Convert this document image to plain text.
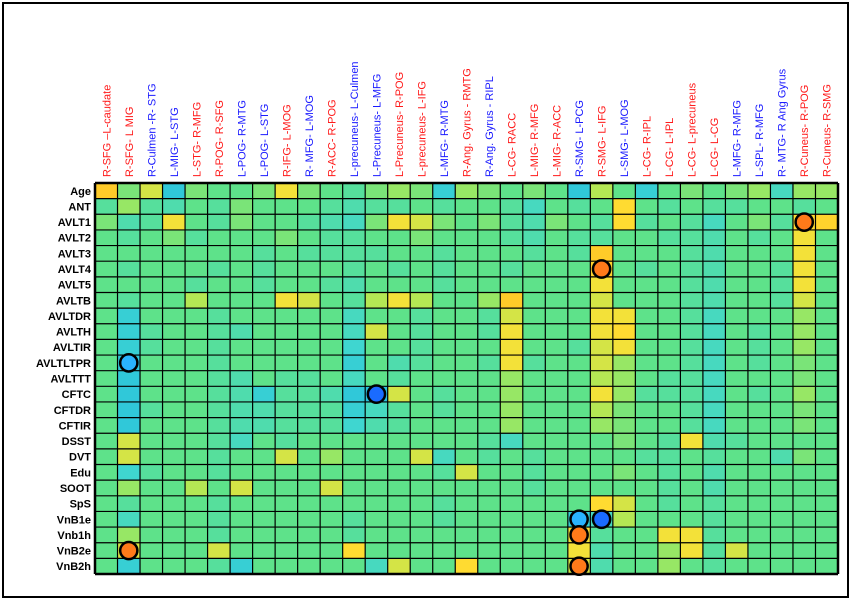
R-SFG –L-caudate R-SFG- L MIG R-Culmen -R- STG L-MIG- L-STG L-STG- R-MFG R-POG- R-SFG L-POG- R-MTG L-POG- L-STG R-IFG- L-MOG R- MFG- L-MOG R-ACC- R-POG L-precuneus- L-Culmen L-Precuneus- L-MFG L-Precuneus- R-POG L-precuneus- L-IFG L-MFG- R-MTG R-Ang. Gyrus - RMTG R-Ang. Gyrus - RIPL L-CG- RACC L-MIG- R-MFG L-MIG- R-ACC R-SMG- L-PCG R-SMG- L-IFG L-SMG- L-MOG L-CG- R-IPL L-CG- L-IPL L-CG- L-precuneus L-CG- L-CG L-MFG- R-MFG L-SPL- R-MFG R- MTG- R Ang Gyrus R-Cuneus- R-POG R-Cuneus- R-SMG
Age
ANT
AVLT1
AVLT2
AVLT3
AVLT4
AVLT5
AVLTB
AVLTDR
AVLTH
AVLTIR
AVLTLTPR
AVLTTT
CFTC
CFTDR
CFTIR
DSST
DVT
Edu
SOOT
SpS
VnB1e
Vnb1h
VnB2e
VnB2h
